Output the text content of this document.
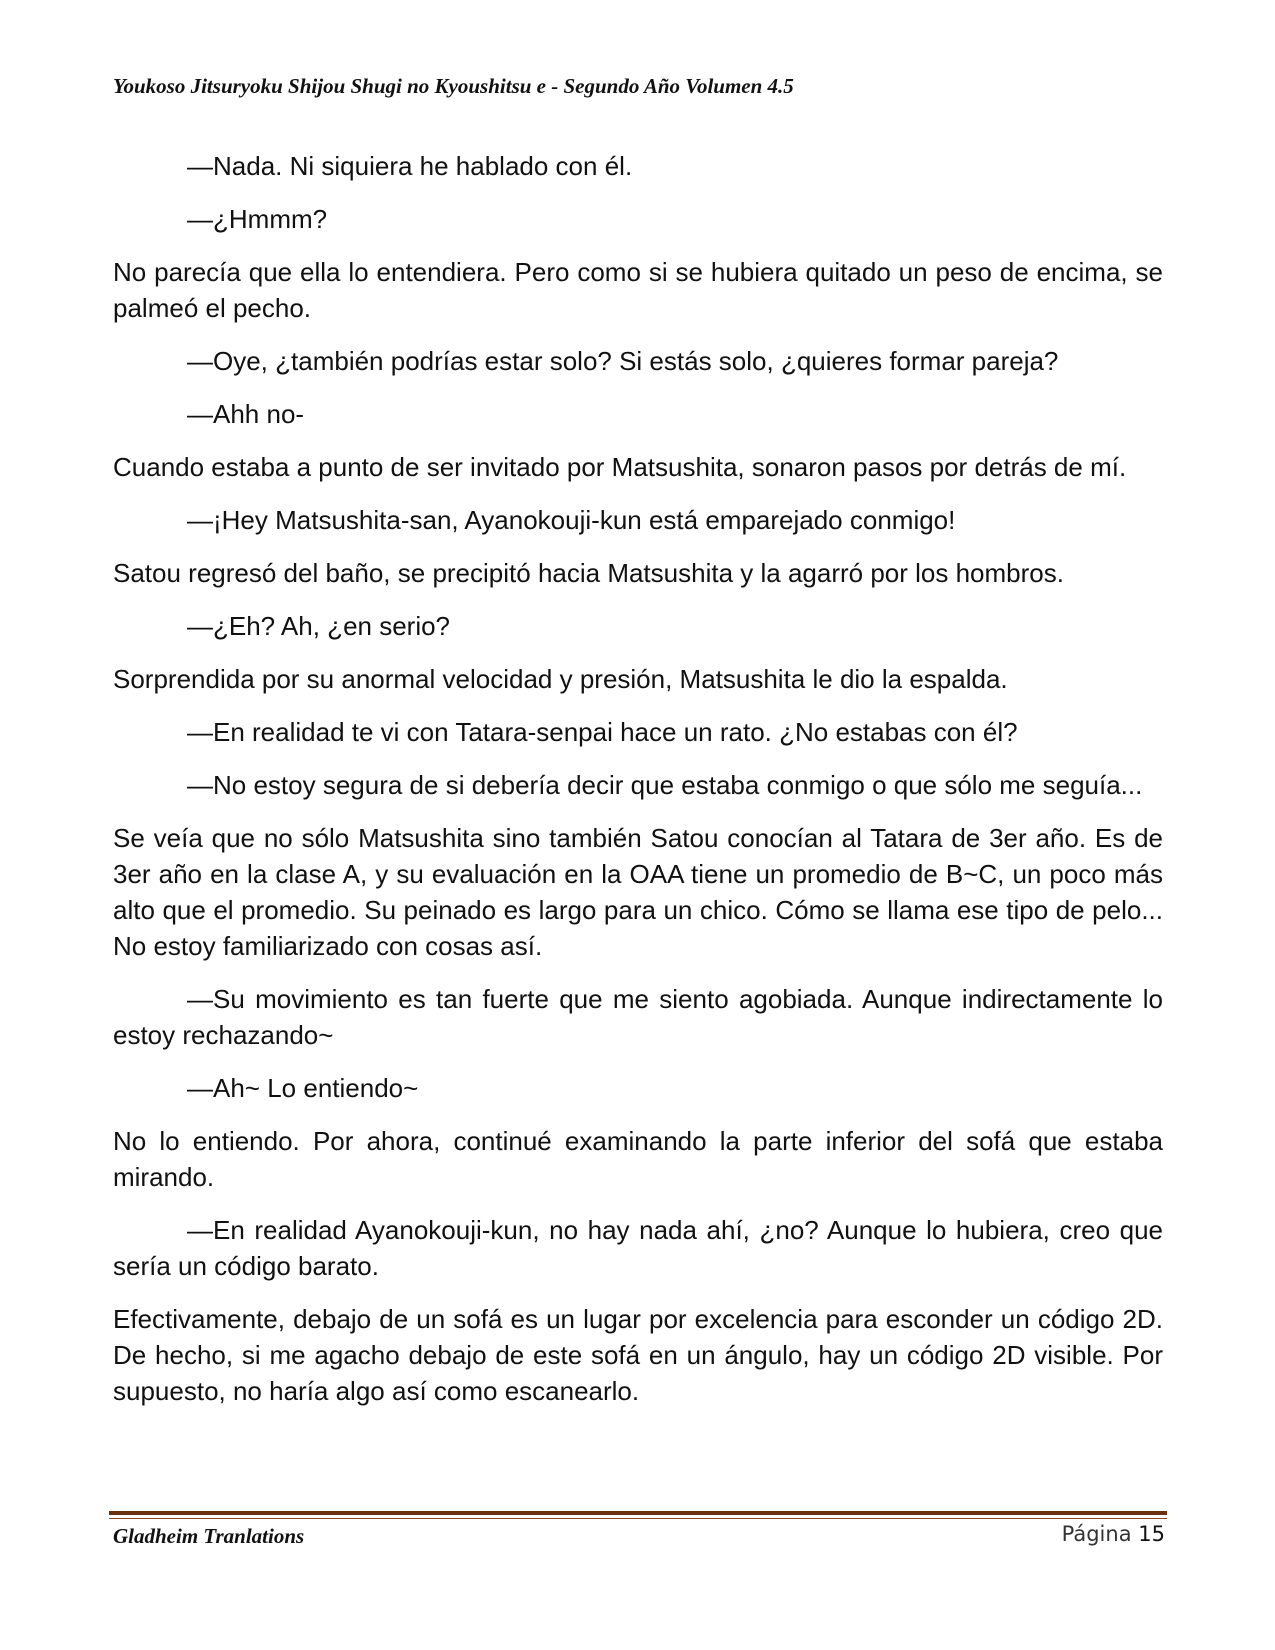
Youkoso Jitsuryoku Shijou Shugi no Kyoushitsu e - Segundo Año Volumen 4.5

—Nada. Ni siquiera he hablado con él.

—¿Hmmm?

No parecía que ella lo entendiera. Pero como si se hubiera quitado un peso de encima, se palmeó el pecho.

—Oye, ¿también podrías estar solo? Si estás solo, ¿quieres formar pareja?

—Ahh no-

Cuando estaba a punto de ser invitado por Matsushita, sonaron pasos por detrás de mí.

—¡Hey Matsushita-san, Ayanokouji-kun está emparejado conmigo!

Satou regresó del baño, se precipitó hacia Matsushita y la agarró por los hombros.

—¿Eh? Ah, ¿en serio?

Sorprendida por su anormal velocidad y presión, Matsushita le dio la espalda.

—En realidad te vi con Tatara-senpai hace un rato. ¿No estabas con él?

—No estoy segura de si debería decir que estaba conmigo o que sólo me seguía...

Se veía que no sólo Matsushita sino también Satou conocían al Tatara de 3er año. Es de 3er año en la clase A, y su evaluación en la OAA tiene un promedio de B~C, un poco más alto que el promedio. Su peinado es largo para un chico. Cómo se llama ese tipo de pelo... No estoy familiarizado con cosas así.

—Su movimiento es tan fuerte que me siento agobiada. Aunque indirectamente lo estoy rechazando~

—Ah~ Lo entiendo~

No lo entiendo. Por ahora, continué examinando la parte inferior del sofá que estaba mirando.

—En realidad Ayanokouji-kun, no hay nada ahí, ¿no? Aunque lo hubiera, creo que sería un código barato.

Efectivamente, debajo de un sofá es un lugar por excelencia para esconder un código 2D. De hecho, si me agacho debajo de este sofá en un ángulo, hay un código 2D visible. Por supuesto, no haría algo así como escanearlo.

Gladheim Tranlations	Página 15
